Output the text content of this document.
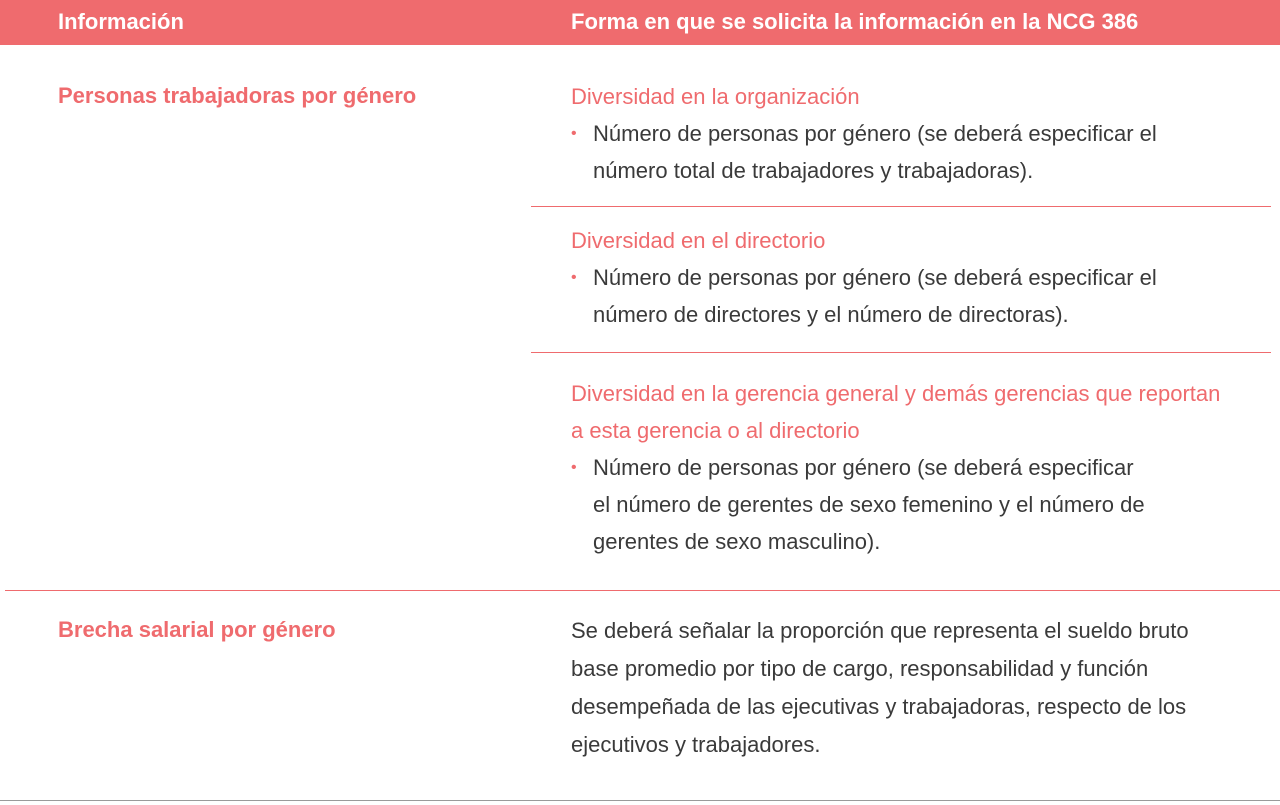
Información	Forma en que se solicita la información en la NCG 386
Personas trabajadoras por género	Diversidad en la organización
• Número de personas por género (se deberá especificar el
número total de trabajadores y trabajadoras).
Diversidad en el directorio
• Número de personas por género (se deberá especificar el
número de directores y el número de directoras).
Diversidad en la gerencia general y demás gerencias que reportan
a esta gerencia o al directorio
• Número de personas por género (se deberá especificar
el número de gerentes de sexo femenino y el número de
gerentes de sexo masculino).
Brecha salarial por género	Se deberá señalar la proporción que representa el sueldo bruto
base promedio por tipo de cargo, responsabilidad y función
desempeñada de las ejecutivas y trabajadoras, respecto de los
ejecutivos y trabajadores.
